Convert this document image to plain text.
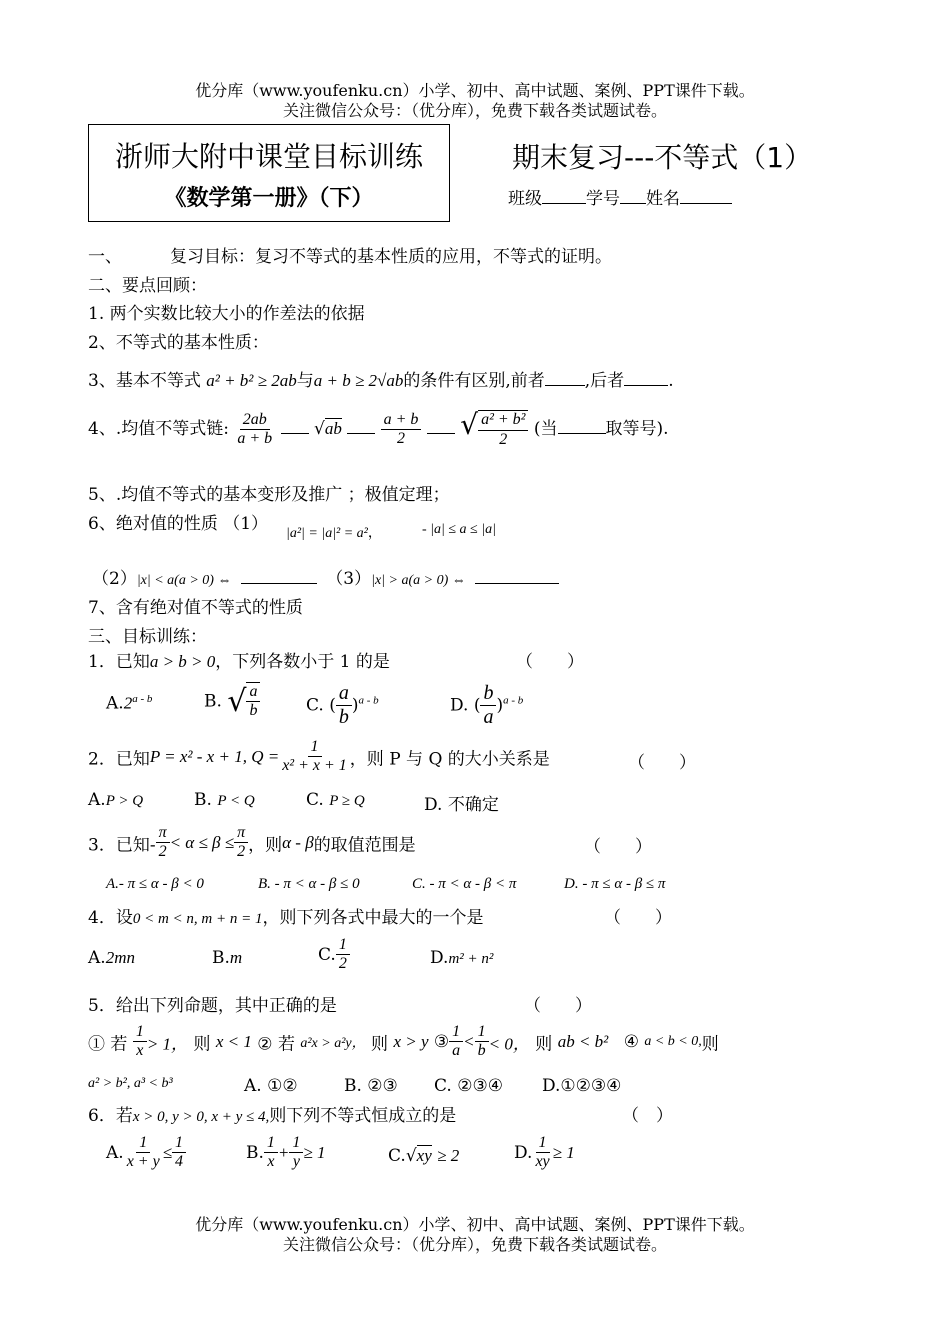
优分库（www.youfenku.cn）小学、初中、高中试题、案例、PPT课件下载。
关注微信公众号：（优分库），免费下载各类试题试卷。
浙师大附中课堂目标训练
《数学第一册》（下）
期末复习---不等式（1）
班级	学号 姓名
一、	复习目标：复习不等式的基本性质的应用，不等式的证明。
二、要点回顾：
1. 两个实数比较大小的作差法的依据
2、不等式的基本性质：
3、基本不等式 a² + b² ≥ 2ab与a + b ≥ 2√ab的条件有区别,前者 ,后者	.
4、.均值不等式链: $\frac{2ab}{a + b} √ab \frac{a + b}{2}$ √ $\frac{\text{a² + b²}}{2}$ (当	取等号).
5、.均值不等式的基本变形及推广 ；极值定理；
6、绝对值的性质 （1） |a²| = |a|² = a²，	- |a| ≤ a ≤ |a|
（2）|x| < a(a > 0) ⇔	（3）|x| > a(a > 0) ⇔
7、含有绝对值不等式的性质
三、目标训练：
1．已知a > b > 0，下列各数小于 1 的是	（　　）
A.2$^{a - b}$	B. √ $\frac{a}{b}$	C. ( $\frac{a}{b} )^{a - b}$	D. ( $\frac{b}{a} )^{a - b}$
2．已知P = x² - x + 1, $Q = \frac{1}{\text{x² + x + 1}}$ ，则 P 与 Q 的大小关系是	（　　）
A.P > Q	B. P < Q	C. P ≥ Q	D. 不确定
3．已知- $\frac{\pi}{2} < \alpha \le \beta \le \frac{\pi}{2}$ ，则α - β的取值范围是	（　　）
A.- π ≤ α - β < 0	B. - π < α - β ≤ 0	C. - π < α - β < π	D. - π ≤ α - β ≤ π
4．设0 < m < n, m + n = 1，则下列各式中最大的一个是	（　　）
A.2mn	B.m	C. $\frac{1}{2}$	D.m² + n²
5．给出下列命题，其中正确的是	（　　）
① 若 $\frac{1}{x} > 1$， 则 x < 1 ② 若 a²x > a²y， 则 x > y ③ $\frac{1}{a} < \frac{1}{b} < 0$， 则 ab < b² ④ a < b < 0,则
a² > b², a³ < b³	A. ①②	B. ②③ C. ②③④ D.①②③④
6．若x > 0, y > 0, x + y ≤ 4,则下列不等式恒成立的是	（　）
A. $\frac{1}{x + y} \le \frac{1}{4}$	B. $\frac{1}{x} + \frac{1}{y} \ge 1$	C.√xy ≥ 2	D. $\frac{1}{xy} \ge 1$
优分库（www.youfenku.cn）小学、初中、高中试题、案例、PPT课件下载。
关注微信公众号：（优分库），免费下载各类试题试卷。
